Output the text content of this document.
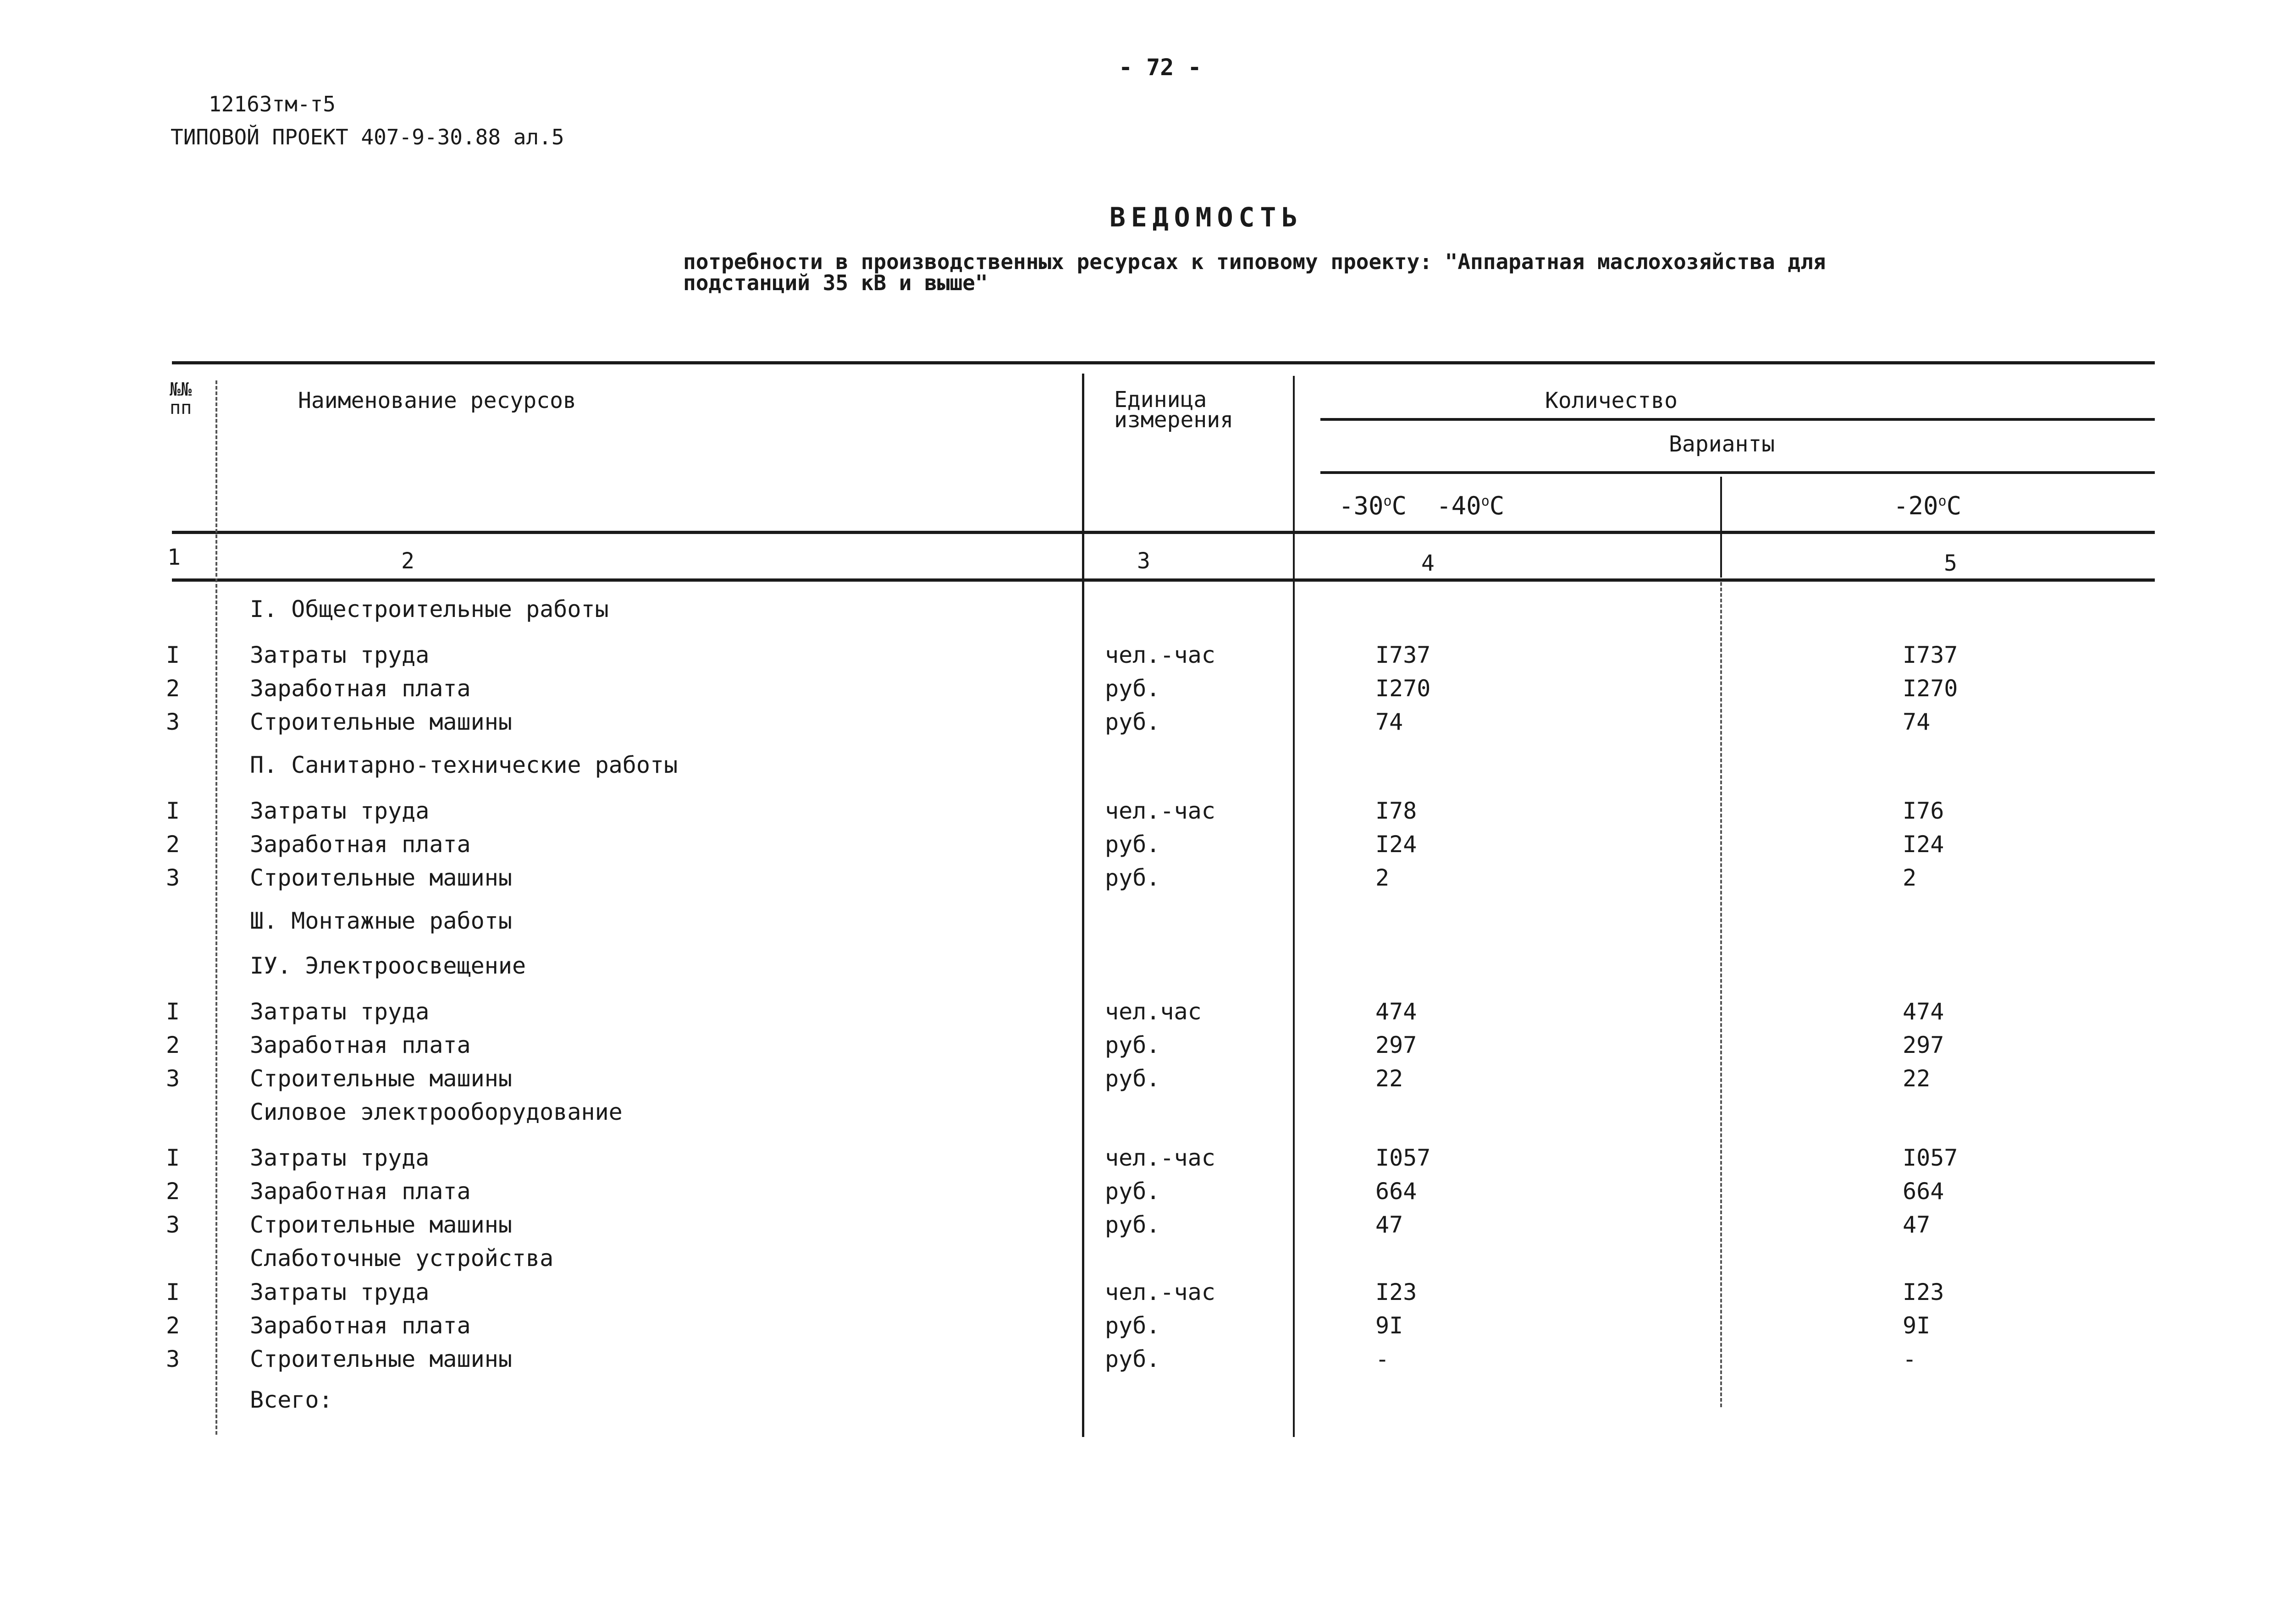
- 72 -
12163тм-т5
ТИПОВОЙ ПРОЕКТ 407-9-30.88 ал.5
ВЕДОМОСТЬ
потребности в производственных ресурсах к типовому проекту: "Аппаратная маслохозяйства для
подстанций 35 кВ и выше"
№№
пп	Наименование ресурсов	Единица
измерения
Количество
Варианты
$-30^оС$ $-40^оС$	$-20^оС$
1	2	3	4	5
I. Общестроительные работы
I	Затраты труда	чел.-час	I737	I737
2	Заработная плата	руб.	I270	I270
3	Строительные машины	руб.	74	74
П. Санитарно-технические работы
I	Затраты труда	чел.-час	I78	I76
2	Заработная плата	руб.	I24	I24
3	Строительные машины	руб.	2	2
Ш. Монтажные работы
IУ. Электроосвещение
I	Затраты труда	чел.час	474	474
2	Заработная плата	руб.	297	297
3	Строительные машины	руб.	22	22
Силовое электрооборудование
I	Затраты труда	чел.-час	I057	I057
2	Заработная плата	руб.	664	664
3	Строительные машины	руб.	47	47
Слаботочные устройства
I	Затраты труда	чел.-час	I23	I23
2	Заработная плата	руб.	9I	9I
3	Строительные машины	руб.	-	-
Всего:
